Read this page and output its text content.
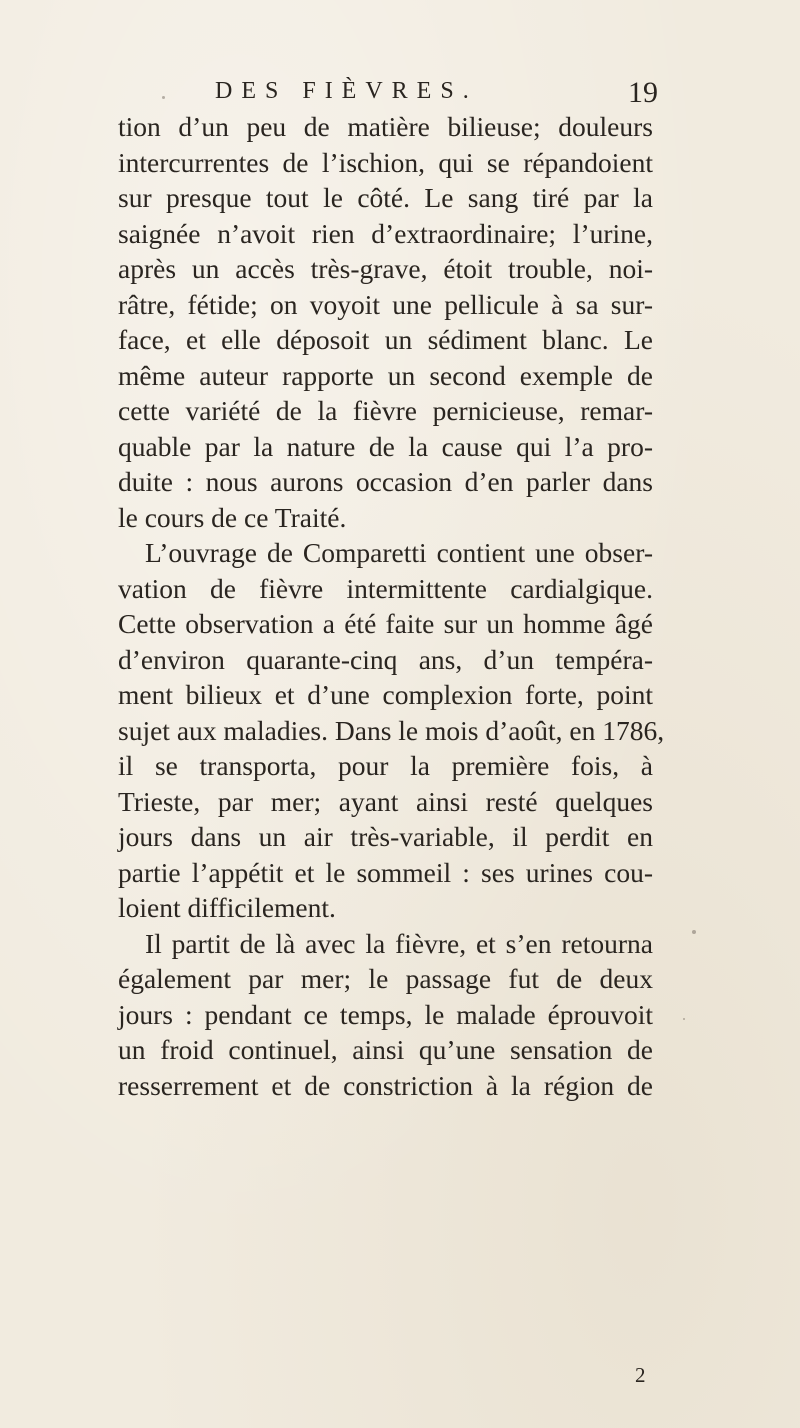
DES FIÈVRES.	19
tion d’un peu de matière bilieuse; douleurs
intercurrentes de l’ischion, qui se répandoient
sur presque tout le côté. Le sang tiré par la
saignée n’avoit rien d’extraordinaire; l’urine,
après un accès très-grave, étoit trouble, noi-
râtre, fétide; on voyoit une pellicule à sa sur-
face, et elle déposoit un sédiment blanc. Le
même auteur rapporte un second exemple de
cette variété de la fièvre pernicieuse, remar-
quable par la nature de la cause qui l’a pro-
duite : nous aurons occasion d’en parler dans
le cours de ce Traité.
L’ouvrage de Comparetti contient une obser-
vation de fièvre intermittente cardialgique.
Cette observation a été faite sur un homme âgé
d’environ quarante-cinq ans, d’un tempéra-
ment bilieux et d’une complexion forte, point
sujet aux maladies. Dans le mois d’août, en 1786,
il se transporta, pour la première fois, à
Trieste, par mer; ayant ainsi resté quelques
jours dans un air très-variable, il perdit en
partie l’appétit et le sommeil : ses urines cou-
loient difficilement.
Il partit de là avec la fièvre, et s’en retourna
également par mer; le passage fut de deux
jours : pendant ce temps, le malade éprouvoit
un froid continuel, ainsi qu’une sensation de
resserrement et de constriction à la région de
2
